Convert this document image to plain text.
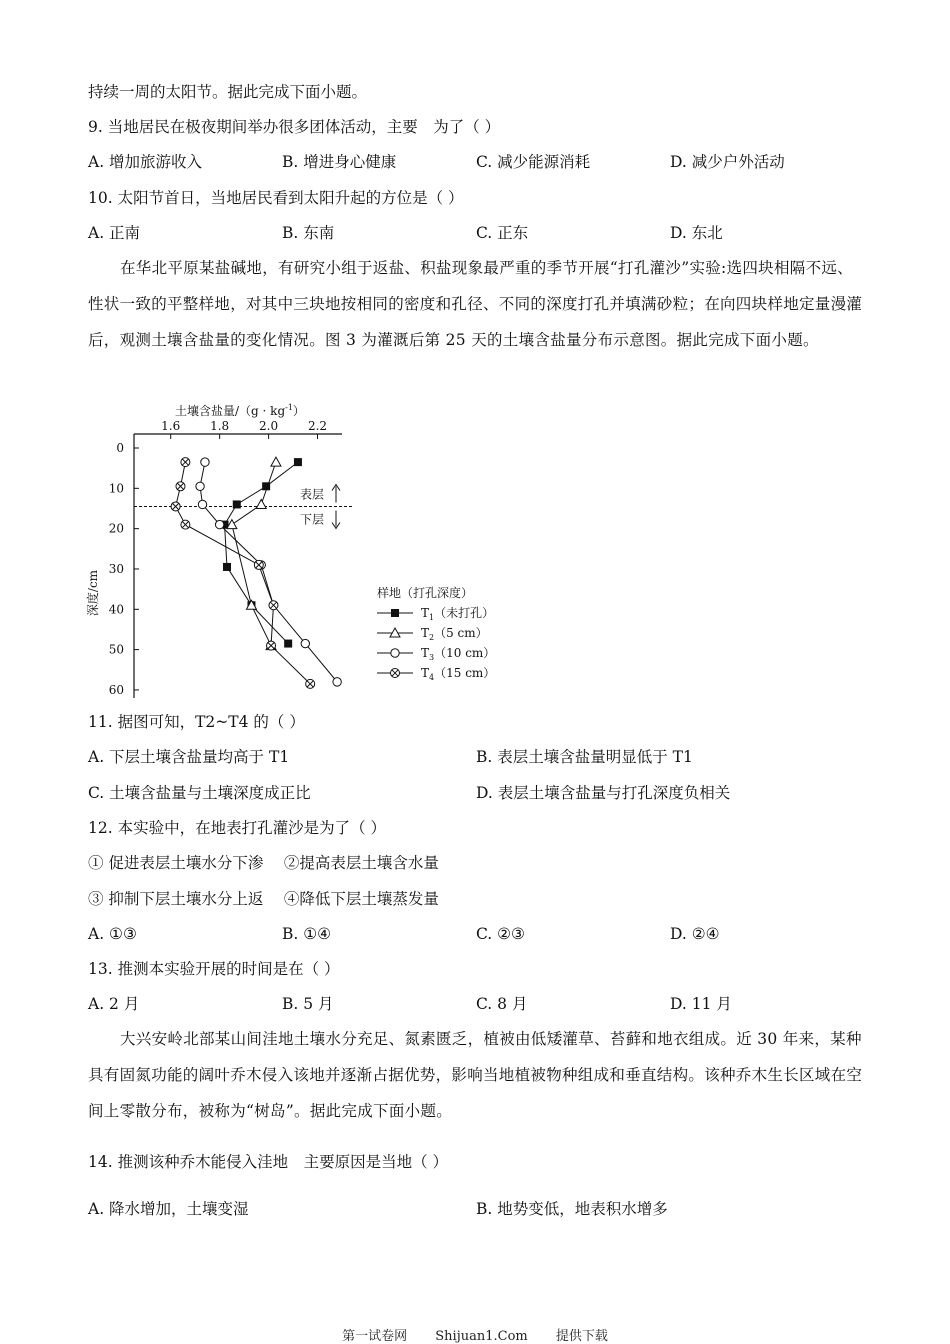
持续一周的太阳节。据此完成下面小题。
9. 当地居民在极夜期间举办很多团体活动，主要　为了（ ）
A. 增加旅游收入	B. 增进身心健康	C. 减少能源消耗	D. 减少户外活动
10. 太阳节首日，当地居民看到太阳升起的方位是（ ）
A. 正南	B. 东南	C. 正东	D. 东北
在华北平原某盐碱地，有研究小组于返盐、积盐现象最严重的季节开展“打孔灌沙”实验:选四块相隔不远、性状一致的平整样地，对其中三块地按相同的密度和孔径、不同的深度打孔并填满砂粒；在向四块样地定量漫灌后，观测土壤含盐量的变化情况。图 3 为灌溉后第 25 天的土壤含盐量分布示意图。据此完成下面小题。
土壤含盐量$/(g \cdot kg^{-1})$
1.6 1.8 2.0 2.2
0
10
20
30
40
50
60
深度/cm
表层
下层
样地（打孔深度）
$T_1$（未打孔）
$T_2(5$ cm）
$T_3(10$ cm）
$T_4(15$ cm）
11. 据图可知，T2~T4 的（ ）
A. 下层土壤含盐量均高于 T1	B. 表层土壤含盐量明显低于 T1
C. 土壤含盐量与土壤深度成正比	D. 表层土壤含盐量与打孔深度负相关
12. 本实验中，在地表打孔灌沙是为了（ ）
① 促进表层土壤水分下渗　 ②提高表层土壤含水量
③ 抑制下层土壤水分上返　 ④降低下层土壤蒸发量
A. ①③	B. ①④	C. ②③	D. ②④
13. 推测本实验开展的时间是在（ ）
A. 2 月	B. 5 月	C. 8 月	D. 11 月
大兴安岭北部某山间洼地土壤水分充足、氮素匮乏，植被由低矮灌草、苔藓和地衣组成。近 30 年来，某种具有固氮功能的阔叶乔木侵入该地并逐渐占据优势，影响当地植被物种组成和垂直结构。该种乔木生长区域在空间上零散分布，被称为“树岛”。据此完成下面小题。
14. 推测该种乔木能侵入洼地　主要原因是当地（ ）
A. 降水增加，土壤变湿	B. 地势变低，地表积水增多
第一试卷网 Shijuan1.Com 提供下载
